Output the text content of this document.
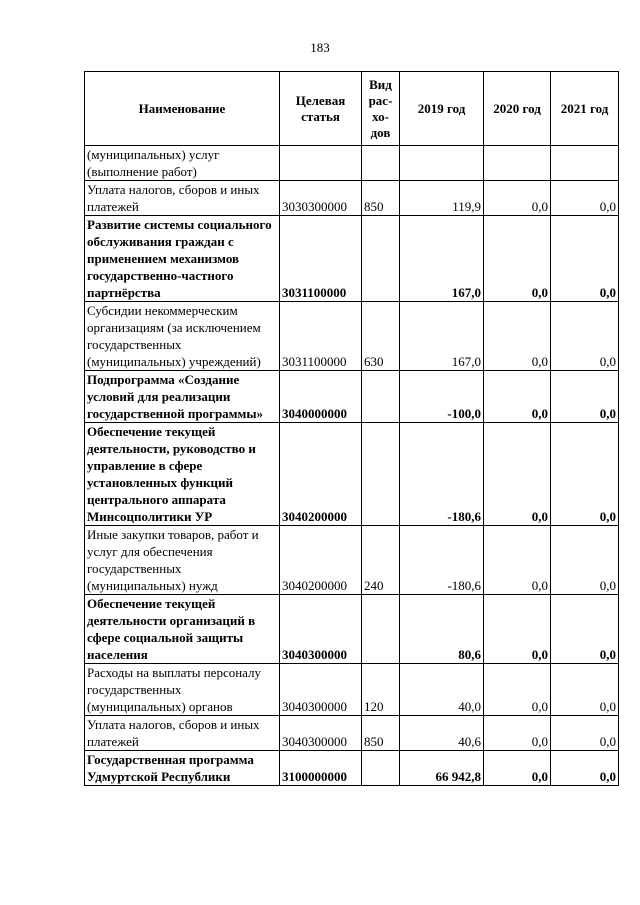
183
Наименование	Целевая статья	Вид рас- хо- дов	2019 год	2020 год	2021 год
(муниципальных) услуг (выполнение работ)					
Уплата налогов, сборов и иных платежей	3030300000	850	119,9	0,0	0,0
Развитие системы социального обслуживания граждан с применением механизмов государственно-частного партнёрства	3031100000		167,0	0,0	0,0
Субсидии некоммерческим организациям (за исключением государственных (муниципальных) учреждений)	3031100000	630	167,0	0,0	0,0
Подпрограмма «Создание условий для реализации государственной программы»	3040000000		-100,0	0,0	0,0
Обеспечение текущей деятельности, руководство и управление в сфере установленных функций центрального аппарата Минсоцполитики УР	3040200000		-180,6	0,0	0,0
Иные закупки товаров, работ и услуг для обеспечения государственных (муниципальных) нужд	3040200000	240	-180,6	0,0	0,0
Обеспечение текущей деятельности организаций в сфере социальной защиты населения	3040300000		80,6	0,0	0,0
Расходы на выплаты персоналу государственных (муниципальных) органов	3040300000	120	40,0	0,0	0,0
Уплата налогов, сборов и иных платежей	3040300000	850	40,6	0,0	0,0
Государственная программа Удмуртской Республики	3100000000		66 942,8	0,0	0,0
